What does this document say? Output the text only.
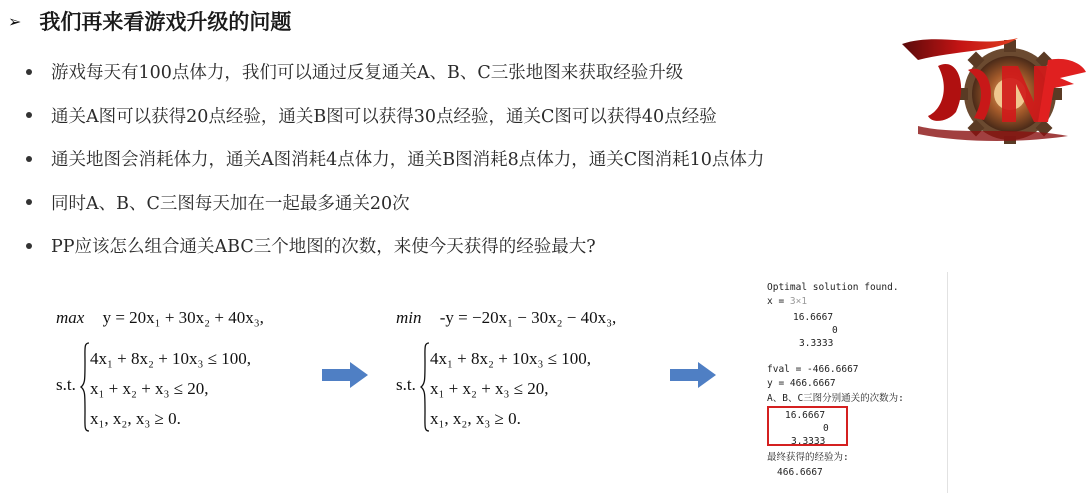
➢ 我们再来看游戏升级的问题
游戏每天有100点体力，我们可以通过反复通关A、B、C三张地图来获取经验升级
通关A图可以获得20点经验，通关B图可以获得30点经验，通关C图可以获得40点经验
通关地图会消耗体力，通关A图消耗4点体力，通关B图消耗8点体力，通关C图消耗10点体力
同时A、B、C三图每天加在一起最多通关20次
PP应该怎么组合通关ABC三个地图的次数，来使今天获得的经验最大?
max y = 20x₁ + 30x₂ + 40x₃,
s.t.
4x₁ + 8x₂ + 10x₃ ≤ 100,
x₁ + x₂ + x₃ ≤ 20,
x₁, x₂, x₃ ≥ 0.
min -y = −20x₁ − 30x₂ − 40x₃,
s.t.
4x₁ + 8x₂ + 10x₃ ≤ 100,
x₁ + x₂ + x₃ ≤ 20,
x₁, x₂, x₃ ≥ 0.
Optimal solution found.
x = 3×1
16.6667
0
3.3333
fval = -466.6667
y = 466.6667
A、B、C三图分别通关的次数为:
16.6667
0
3.3333
最终获得的经验为:
466.6667
